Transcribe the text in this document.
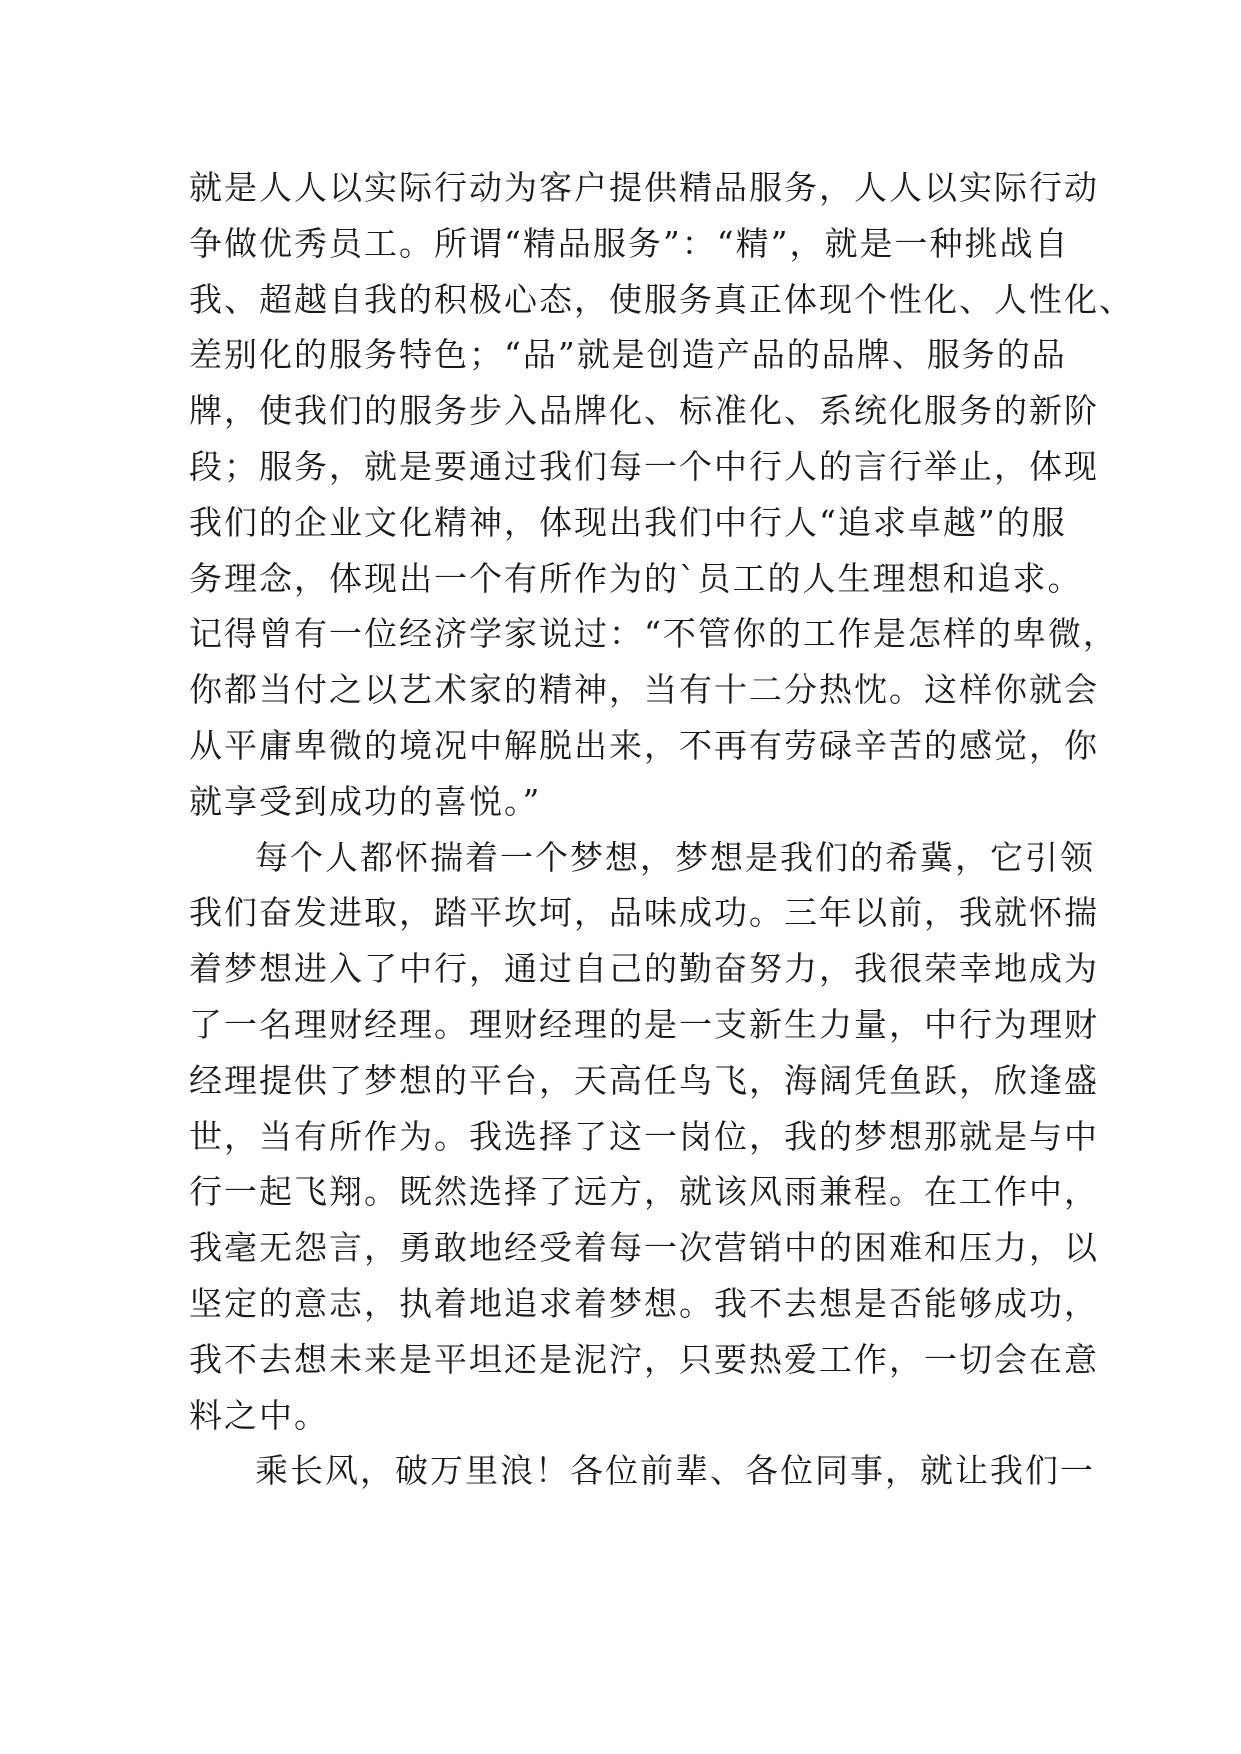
就是人人以实际行动为客户提供精品服务，人人以实际行动
争做优秀员工。所谓“精品服务”：“精”，就是一种挑战自
我、超越自我的积极心态，使服务真正体现个性化、人性化、
差别化的服务特色；“品”就是创造产品的品牌、服务的品
牌，使我们的服务步入品牌化、标准化、系统化服务的新阶
段；服务，就是要通过我们每一个中行人的言行举止，体现
我们的企业文化精神，体现出我们中行人“追求卓越”的服
务理念，体现出一个有所作为的`员工的人生理想和追求。
记得曾有一位经济学家说过：“不管你的工作是怎样的卑微，
你都当付之以艺术家的精神，当有十二分热忱。这样你就会
从平庸卑微的境况中解脱出来，不再有劳碌辛苦的感觉，你
就享受到成功的喜悦。”
每个人都怀揣着一个梦想，梦想是我们的希冀，它引领
我们奋发进取，踏平坎坷，品味成功。三年以前，我就怀揣
着梦想进入了中行，通过自己的勤奋努力，我很荣幸地成为
了一名理财经理。理财经理的是一支新生力量，中行为理财
经理提供了梦想的平台，天高任鸟飞，海阔凭鱼跃，欣逢盛
世，当有所作为。我选择了这一岗位，我的梦想那就是与中
行一起飞翔。既然选择了远方，就该风雨兼程。在工作中，
我毫无怨言，勇敢地经受着每一次营销中的困难和压力，以
坚定的意志，执着地追求着梦想。我不去想是否能够成功，
我不去想未来是平坦还是泥泞，只要热爱工作，一切会在意
料之中。
乘长风，破万里浪！各位前辈、各位同事，就让我们一
